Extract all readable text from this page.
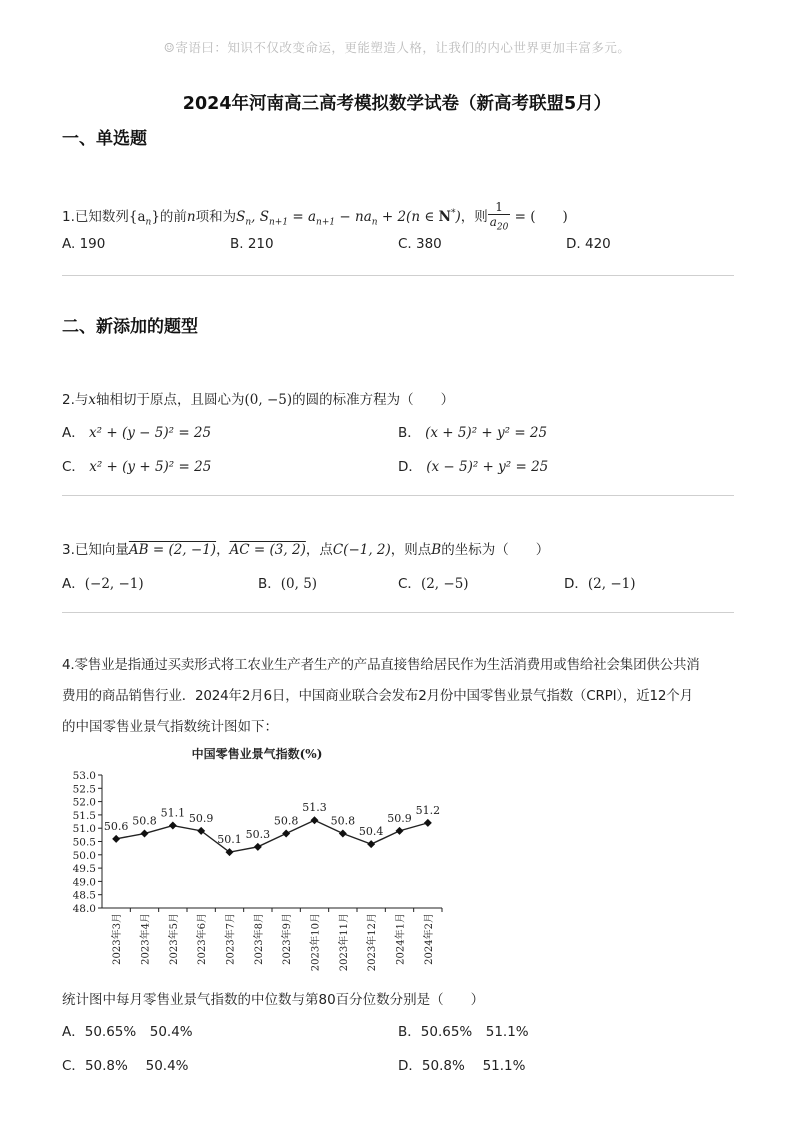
☺寄语曰：知识不仅改变命运，更能塑造人格，让我们的内心世界更加丰富多元。
2024年河南高三高考模拟数学试卷（新高考联盟5月）
一、单选题
1.已知数列$\{a_n\}$的前n项和为$S_n$, $S_{n+1} = a_{n+1} - na_n + 2(n$ ∈ N*)，则 $\frac{1}{a_{20}}$ = (　　)
A. 190	B. 210	C. 380	D. 420
二、新添加的题型
2.与x轴相切于原点，且圆心为(0, −5)的圆的标准方程为（　　）
A． x² + (y − 5)² = 25	B． (x + 5)² + y² = 25
C． x² + (y + 5)² = 25	D． (x − 5)² + y² = 25
3.已知向量AB = (2, −1)，AC = (3, 2)，点C(−1, 2)，则点B的坐标为（　　）
A．(−2, −1)	B．(0, 5)	C．(2, −5)	D．(2, −1)
4.零售业是指通过买卖形式将工农业生产者生产的产品直接售给居民作为生活消费用或售给社会集团供公共消
费用的商品销售行业．2024年2月6日，中国商业联合会发布2月份中国零售业景气指数（CRPI），近12个月
的中国零售业景气指数统计图如下：
中国零售业景气指数(%)
53.0
52.5
52.0
51.5
51.0
50.5
50.0
49.5
49.0
48.5
48.0
2023年3月 2023年4月 2023年5月 2023年6月 2023年7月 2023年8月 2023年9月 2023年10月 2023年11月 2023年12月 2024年1月 2024年2月
50.6 50.8
51.1 50.9
50.1 50.3
50.8
51.3
50.8
50.4
50.9
51.2
统计图中每月零售业景气指数的中位数与第80百分位数分别是（　　）
A．50.65%　50.4%	B．50.65%　51.1%
C．50.8%　 50.4%	D．50.8%　 51.1%
